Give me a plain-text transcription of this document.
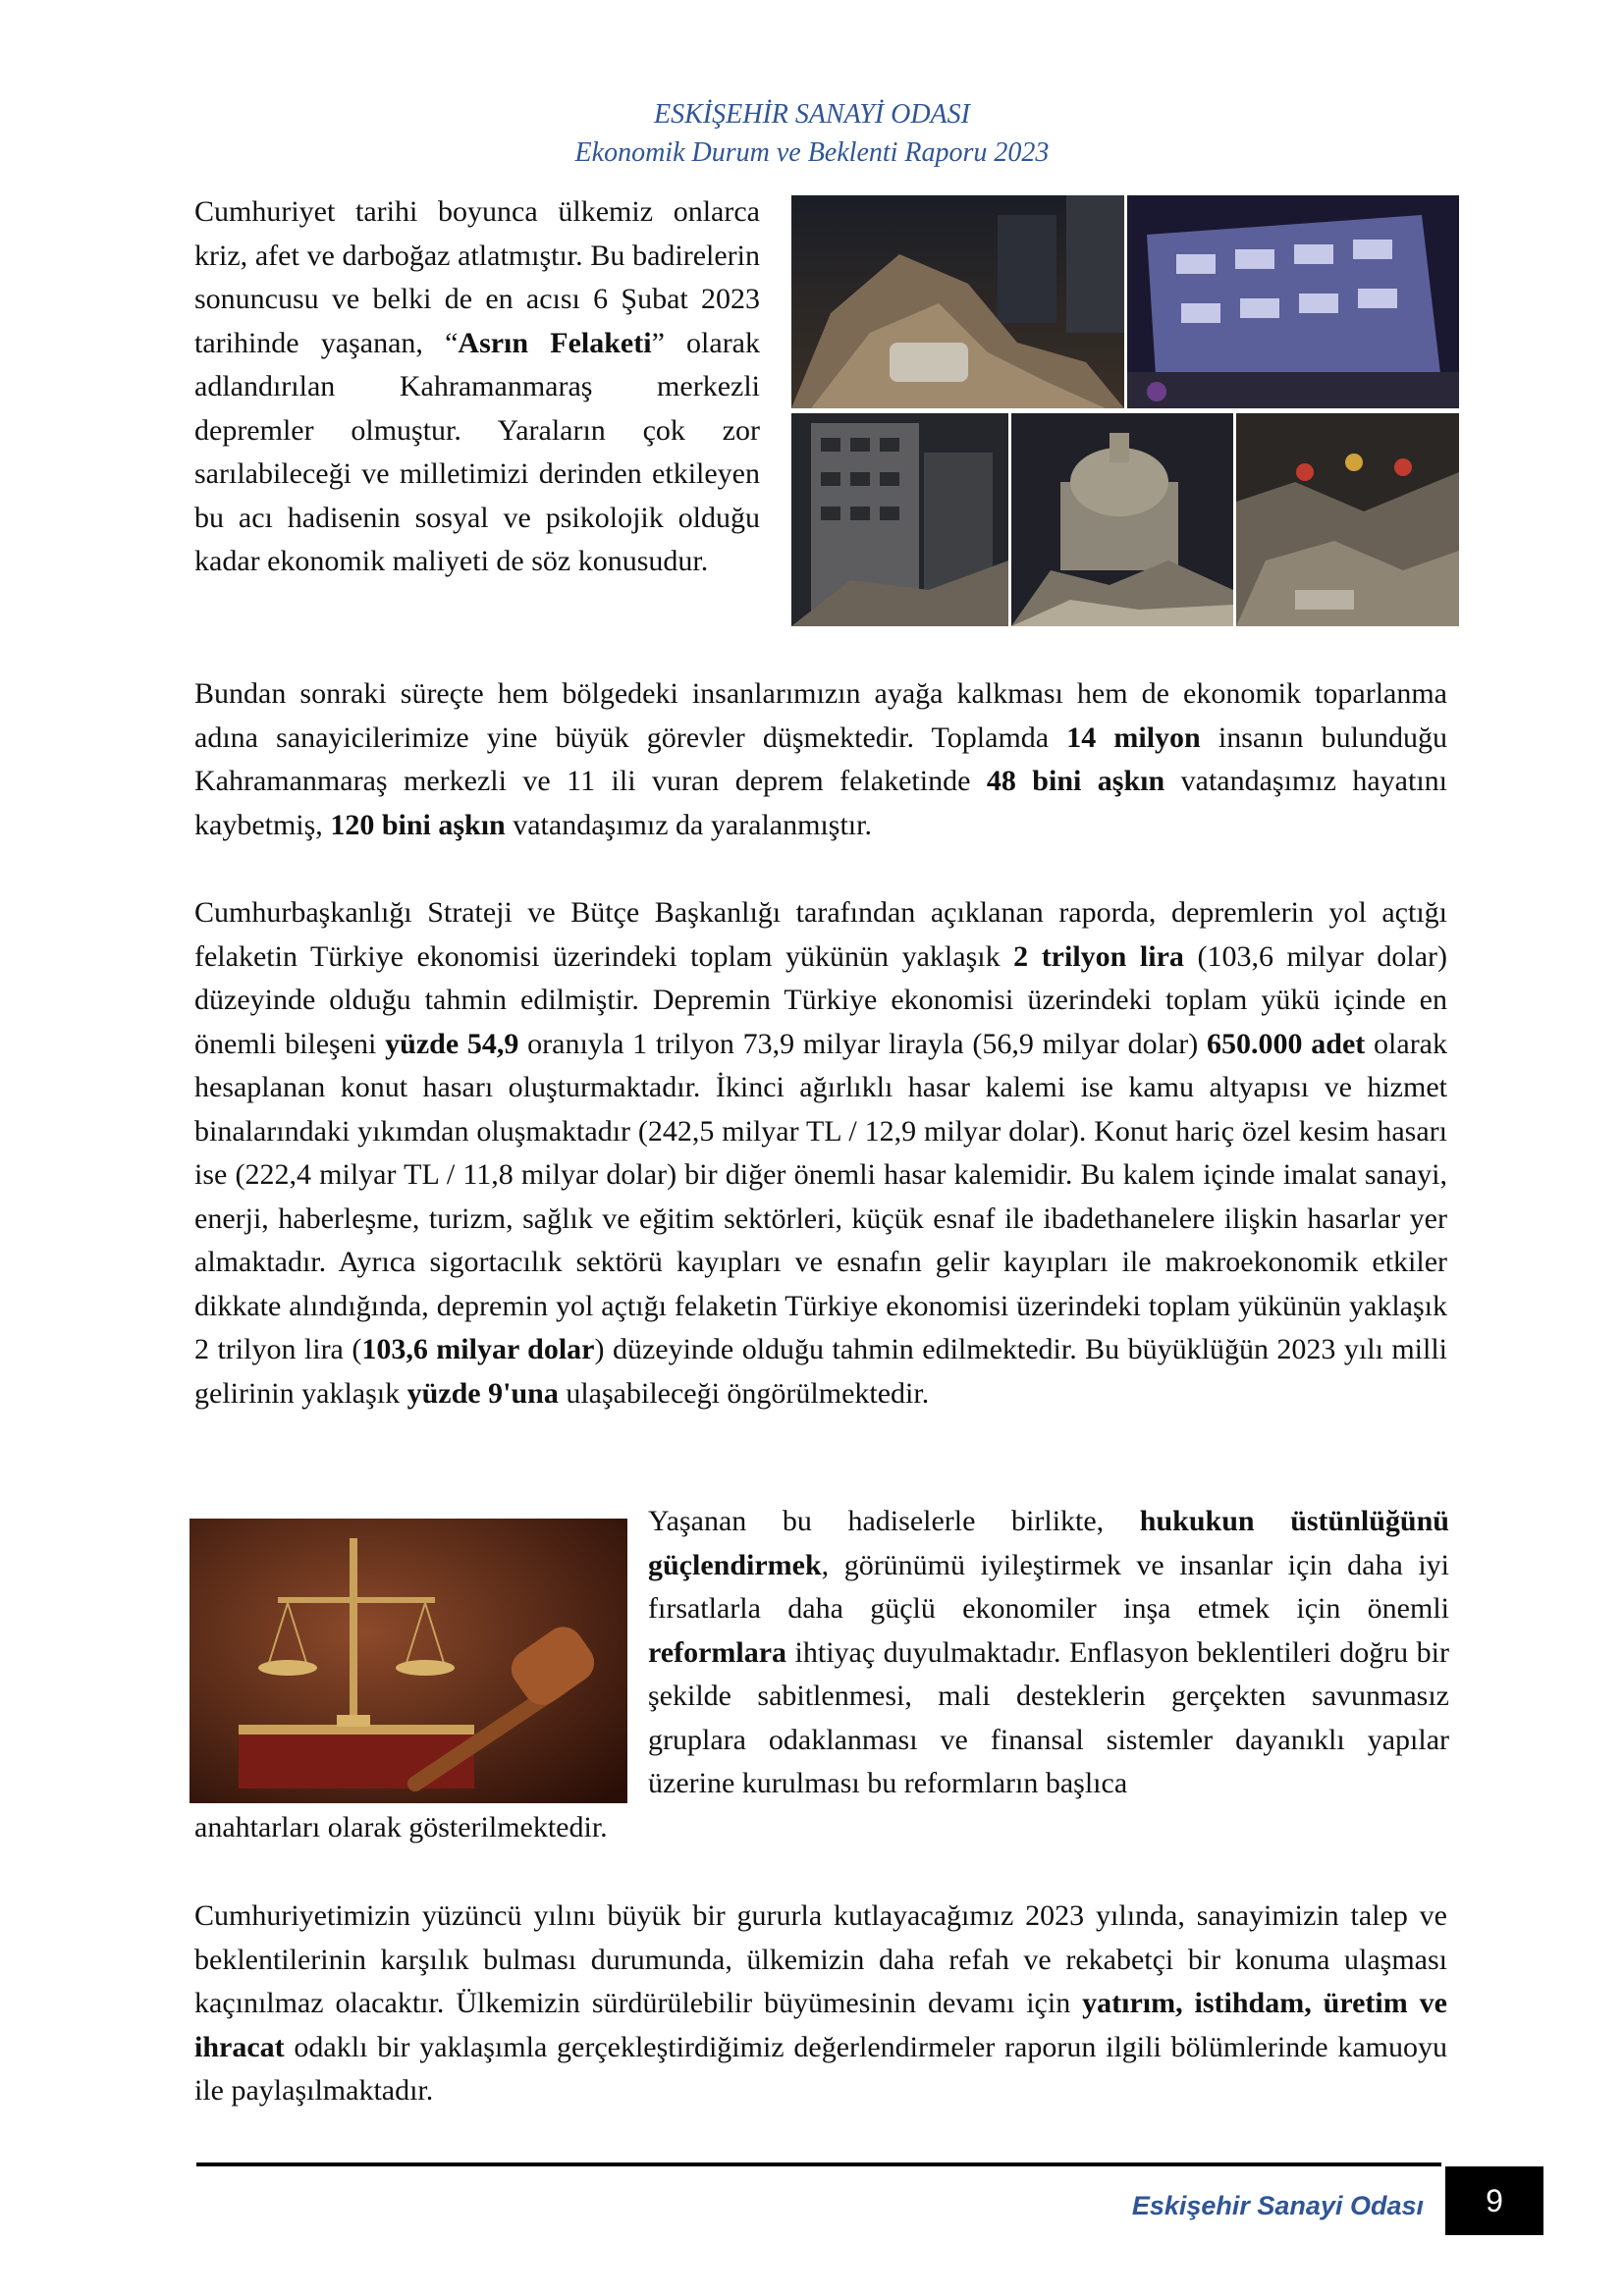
ESKİŞEHİR SANAYİ ODASI
Ekonomik Durum ve Beklenti Raporu 2023

Cumhuriyet tarihi boyunca ülkemiz onlarca kriz, afet ve darboğaz atlatmıştır. Bu badirelerin sonuncusu ve belki de en acısı 6 Şubat 2023 tarihinde yaşanan, “Asrın Felaketi” olarak adlandırılan Kahramanmaraş merkezli depremler olmuştur. Yaraların çok zor sarılabileceği ve milletimizi derinden etkileyen bu acı hadisenin sosyal ve psikolojik olduğu kadar ekonomik maliyeti de söz konusudur.

Bundan sonraki süreçte hem bölgedeki insanlarımızın ayağa kalkması hem de ekonomik toparlanma adına sanayicilerimize yine büyük görevler düşmektedir. Toplamda 14 milyon insanın bulunduğu Kahramanmaraş merkezli ve 11 ili vuran deprem felaketinde 48 bini aşkın vatandaşımız hayatını kaybetmiş, 120 bini aşkın vatandaşımız da yaralanmıştır.

Cumhurbaşkanlığı Strateji ve Bütçe Başkanlığı tarafından açıklanan raporda, depremlerin yol açtığı felaketin Türkiye ekonomisi üzerindeki toplam yükünün yaklaşık 2 trilyon lira (103,6 milyar dolar) düzeyinde olduğu tahmin edilmiştir. Depremin Türkiye ekonomisi üzerindeki toplam yükü içinde en önemli bileşeni yüzde 54,9 oranıyla 1 trilyon 73,9 milyar lirayla (56,9 milyar dolar) 650.000 adet olarak hesaplanan konut hasarı oluşturmaktadır. İkinci ağırlıklı hasar kalemi ise kamu altyapısı ve hizmet binalarındaki yıkımdan oluşmaktadır (242,5 milyar TL / 12,9 milyar dolar). Konut hariç özel kesim hasarı ise (222,4 milyar TL / 11,8 milyar dolar) bir diğer önemli hasar kalemidir. Bu kalem içinde imalat sanayi, enerji, haberleşme, turizm, sağlık ve eğitim sektörleri, küçük esnaf ile ibadethanelere ilişkin hasarlar yer almaktadır. Ayrıca sigortacılık sektörü kayıpları ve esnafın gelir kayıpları ile makroekonomik etkiler dikkate alındığında, depremin yol açtığı felaketin Türkiye ekonomisi üzerindeki toplam yükünün yaklaşık 2 trilyon lira (103,6 milyar dolar) düzeyinde olduğu tahmin edilmektedir. Bu büyüklüğün 2023 yılı milli gelirinin yaklaşık yüzde 9'una ulaşabileceği öngörülmektedir.

Yaşanan bu hadiselerle birlikte, hukukun üstünlüğünü güçlendirmek, görünümü iyileştirmek ve insanlar için daha iyi fırsatlarla daha güçlü ekonomiler inşa etmek için önemli reformlara ihtiyaç duyulmaktadır. Enflasyon beklentileri doğru bir şekilde sabitlenmesi, mali desteklerin gerçekten savunmasız gruplara odaklanması ve finansal sistemler dayanıklı yapılar üzerine kurulması bu reformların başlıca

anahtarları olarak gösterilmektedir.

Cumhuriyetimizin yüzüncü yılını büyük bir gururla kutlayacağımız 2023 yılında, sanayimizin talep ve beklentilerinin karşılık bulması durumunda, ülkemizin daha refah ve rekabetçi bir konuma ulaşması kaçınılmaz olacaktır. Ülkemizin sürdürülebilir büyümesinin devamı için yatırım, istihdam, üretim ve ihracat odaklı bir yaklaşımla gerçekleştirdiğimiz değerlendirmeler raporun ilgili bölümlerinde kamuoyu ile paylaşılmaktadır.

Eskişehir Sanayi Odası	9
